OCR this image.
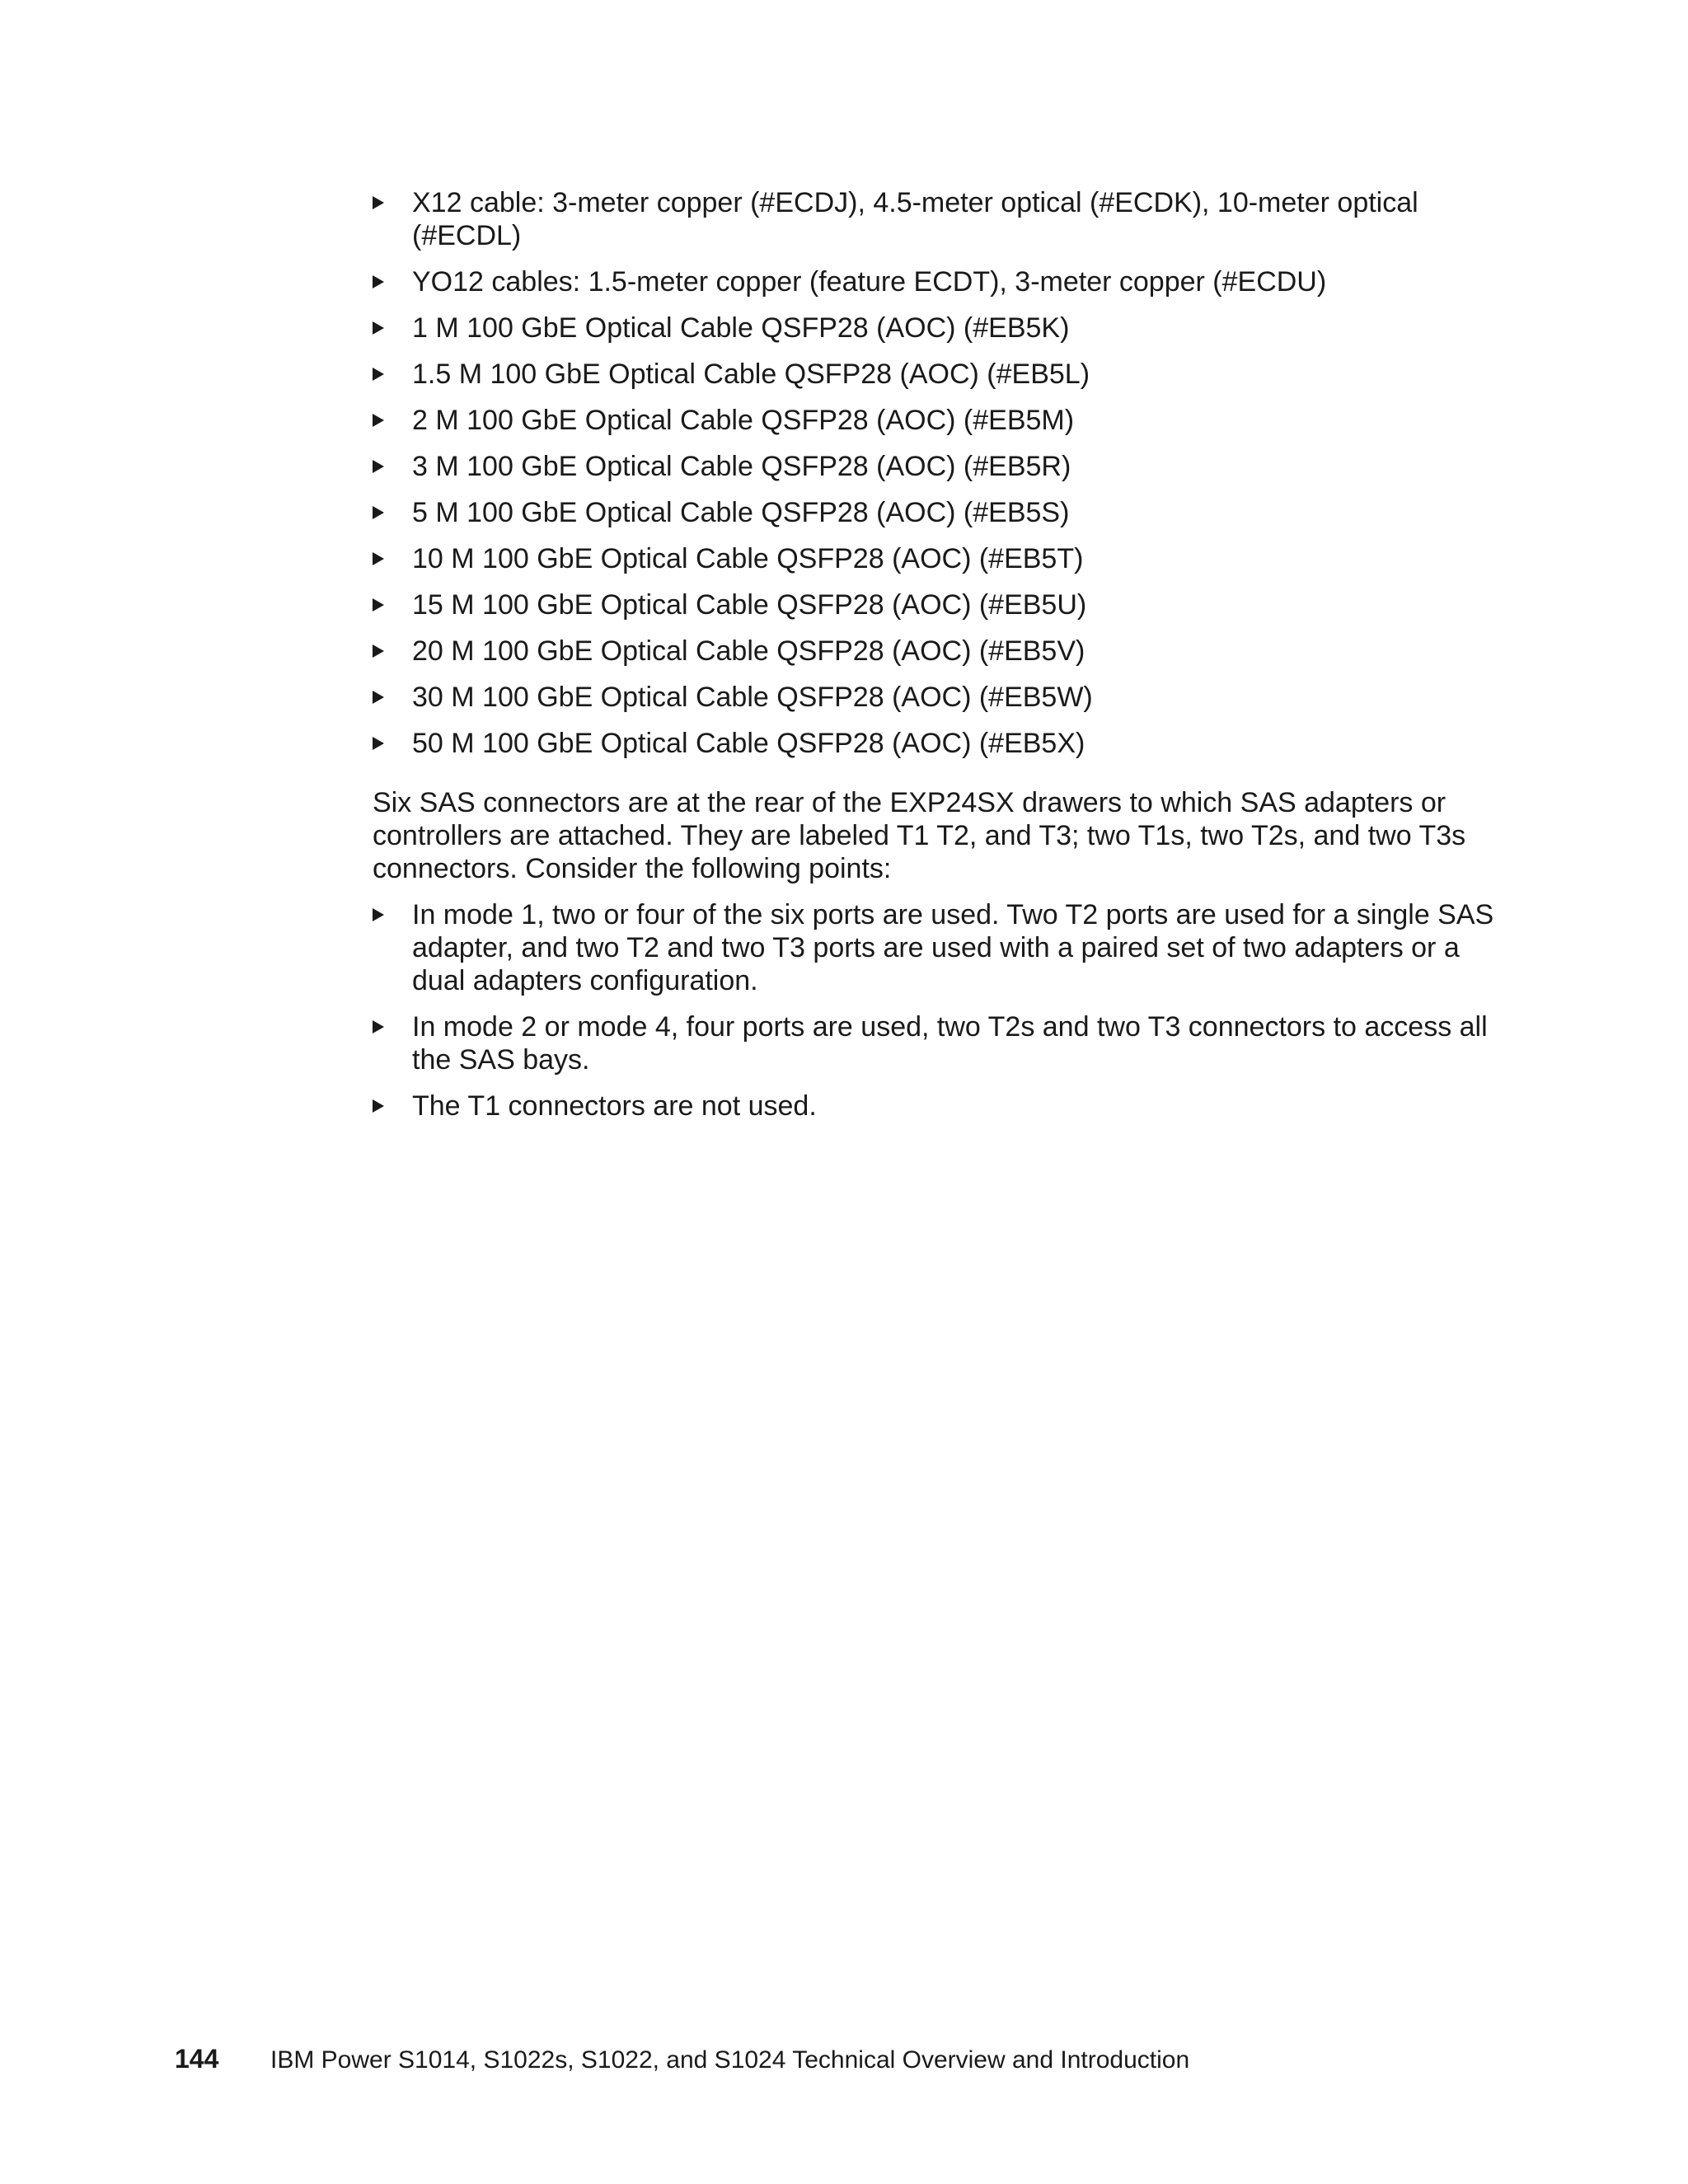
X12 cable: 3-meter copper (#ECDJ), 4.5-meter optical (#ECDK), 10-meter optical (#ECDL)
YO12 cables: 1.5-meter copper (feature ECDT), 3-meter copper (#ECDU)
1 M 100 GbE Optical Cable QSFP28 (AOC) (#EB5K)
1.5 M 100 GbE Optical Cable QSFP28 (AOC) (#EB5L)
2 M 100 GbE Optical Cable QSFP28 (AOC) (#EB5M)
3 M 100 GbE Optical Cable QSFP28 (AOC) (#EB5R)
5 M 100 GbE Optical Cable QSFP28 (AOC) (#EB5S)
10 M 100 GbE Optical Cable QSFP28 (AOC) (#EB5T)
15 M 100 GbE Optical Cable QSFP28 (AOC) (#EB5U)
20 M 100 GbE Optical Cable QSFP28 (AOC) (#EB5V)
30 M 100 GbE Optical Cable QSFP28 (AOC) (#EB5W)
50 M 100 GbE Optical Cable QSFP28 (AOC) (#EB5X)

Six SAS connectors are at the rear of the EXP24SX drawers to which SAS adapters or controllers are attached. They are labeled T1 T2, and T3; two T1s, two T2s, and two T3s connectors. Consider the following points:

In mode 1, two or four of the six ports are used. Two T2 ports are used for a single SAS adapter, and two T2 and two T3 ports are used with a paired set of two adapters or a dual adapters configuration.
In mode 2 or mode 4, four ports are used, two T2s and two T3 connectors to access all the SAS bays.
The T1 connectors are not used.
144 IBM Power S1014, S1022s, S1022, and S1024 Technical Overview and Introduction
